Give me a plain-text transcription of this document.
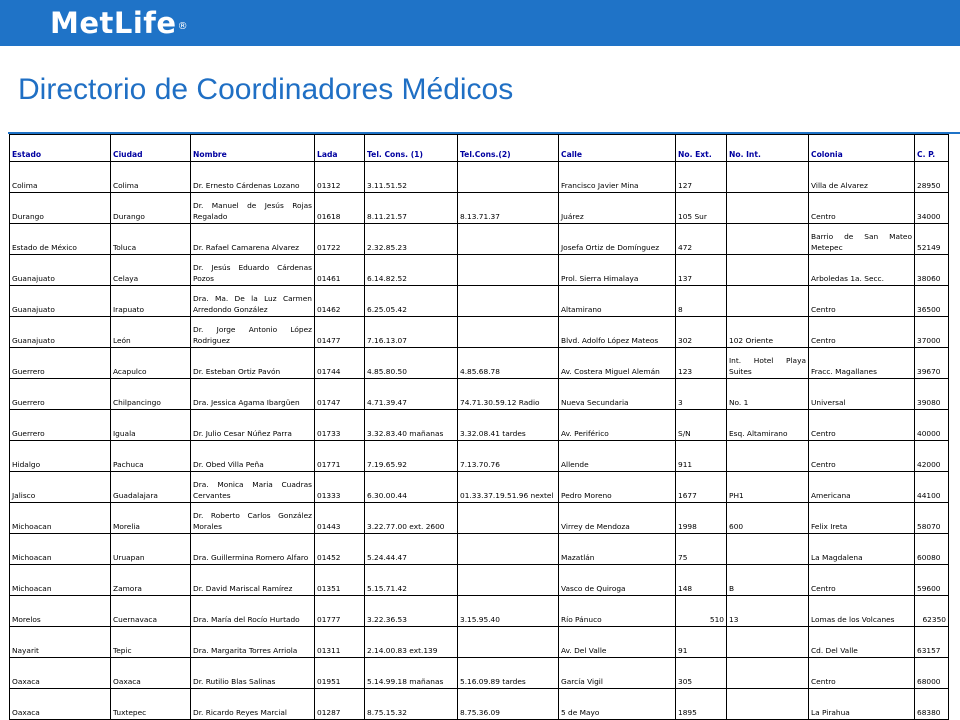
MetLife®
Directorio de Coordinadores Médicos
Estado	Ciudad	Nombre	Lada	Tel. Cons. (1)	Tel.Cons.(2)	Calle	No. Ext.	No. Int.	Colonia	C. P.
Colima	Colima	Dr. Ernesto Cárdenas Lozano	01312	3.11.51.52		Francisco Javier Mina	127		Villa de Alvarez	28950
Durango	Durango	Dr. Manuel de Jesús Rojas Regalado	01618	8.11.21.57	8.13.71.37	Juárez	105 Sur		Centro	34000
Estado de México	Toluca	Dr. Rafael Camarena Alvarez	01722	2.32.85.23		Josefa Ortiz de Domínguez	472		Barrio de San Mateo Metepec	52149
Guanajuato	Celaya	Dr. Jesús Eduardo Cárdenas Pozos	01461	6.14.82.52		Prol. Sierra Himalaya	137		Arboledas 1a. Secc.	38060
Guanajuato	Irapuato	Dra. Ma. De la Luz Carmen Arredondo González	01462	6.25.05.42		Altamirano	8		Centro	36500
Guanajuato	León	Dr. Jorge Antonio López Rodriguez	01477	7.16.13.07		Blvd. Adolfo López Mateos	302	102 Oriente	Centro	37000
Guerrero	Acapulco	Dr. Esteban Ortiz Pavón	01744	4.85.80.50	4.85.68.78	Av. Costera Miguel Alemán	123	Int. Hotel Playa Suites	Fracc. Magallanes	39670
Guerrero	Chilpancingo	Dra. Jessica Agama Ibargüen	01747	4.71.39.47	74.71.30.59.12 Radio	Nueva Secundaria	3	No. 1	Universal	39080
Guerrero	Iguala	Dr. Julio Cesar Núñez Parra	01733	3.32.83.40 mañanas	3.32.08.41 tardes	Av. Periférico	S/N	Esq. Altamirano	Centro	40000
Hidalgo	Pachuca	Dr. Obed Villa Peña	01771	7.19.65.92	7.13.70.76	Allende	911		Centro	42000
Jalisco	Guadalajara	Dra. Monica Maria Cuadras Cervantes	01333	6.30.00.44	01.33.37.19.51.96 nextel	Pedro Moreno	1677	PH1	Americana	44100
Michoacan	Morelia	Dr. Roberto Carlos González Morales	01443	3.22.77.00 ext. 2600		Virrey de Mendoza	1998	600	Felix Ireta	58070
Michoacan	Uruapan	Dra. Guillermina Romero Alfaro	01452	5.24.44.47		Mazatlán	75		La Magdalena	60080
Michoacan	Zamora	Dr. David Mariscal Ramírez	01351	5.15.71.42		Vasco de Quiroga	148	B	Centro	59600
Morelos	Cuernavaca	Dra. María del Rocío Hurtado	01777	3.22.36.53	3.15.95.40	Río Pánuco	510	13	Lomas de los Volcanes	62350
Nayarit	Tepic	Dra. Margarita Torres Arriola	01311	2.14.00.83 ext.139		Av. Del Valle	91		Cd. Del Valle	63157
Oaxaca	Oaxaca	Dr. Rutilio Blas Salinas	01951	5.14.99.18 mañanas	5.16.09.89 tardes	García Vigil	305		Centro	68000
Oaxaca	Tuxtepec	Dr. Ricardo Reyes Marcial	01287	8.75.15.32	8.75.36.09	5 de Mayo	1895		La Pirahua	68380
